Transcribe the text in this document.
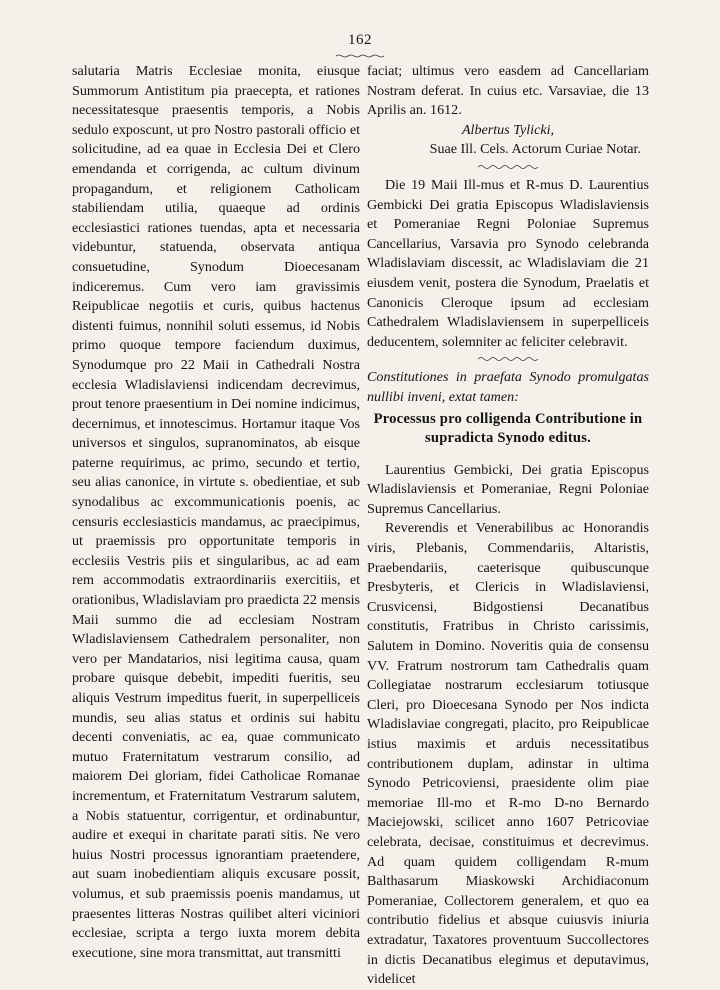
162

salutaria Matris Ecclesiae monita, eiusque Summorum Antistitum pia praecepta, et rationes necessitatesque praesentis temporis, a Nobis sedulo exposcunt, ut pro Nostro pastorali officio et solicitudine, ad ea quae in Ecclesia Dei et Clero emendanda et corrigenda, ac cultum divinum propagandum, et religionem Catholicam stabiliendam utilia, quaeque ad ordinis ecclesiastici rationes tuendas, apta et necessaria videbuntur, statuenda, observata antiqua consuetudine, Synodum Dioecesanam indiceremus. Cum vero iam gravissimis Reipublicae negotiis et curis, quibus hactenus distenti fuimus, nonnihil soluti essemus, id Nobis primo quoque tempore faciendum duximus, Synodumque pro 22 Maii in Cathedrali Nostra ecclesia Wladislaviensi indicendam decrevimus, prout tenore praesentium in Dei nomine indicimus, decernimus, et innotescimus. Hortamur itaque Vos universos et singulos, supranominatos, ab eisque paterne requirimus, ac primo, secundo et tertio, seu alias canonice, in virtute s. obedientiae, et sub synodalibus ac excommunicationis poenis, ac censuris ecclesiasticis mandamus, ac praecipimus, ut praemissis pro opportunitate temporis in ecclesiis Vestris piis et singularibus, ac ad eam rem accommodatis extraordinariis exercitiis, et orationibus, Wladislaviam pro praedicta 22 mensis Maii summo die ad ecclesiam Nostram Wladislaviensem Cathedralem personaliter, non vero per Mandatarios, nisi legitima causa, quam probare quisque debebit, impediti fueritis, seu aliquis Vestrum impeditus fuerit, in superpelliceis mundis, seu alias status et ordinis sui habitu decenti conveniatis, ac ea, quae communicato mutuo Fraternitatum vestrarum consilio, ad maiorem Dei gloriam, fidei Catholicae Romanae incrementum, et Fraternitatum Vestrarum salutem, a Nobis statuentur, corrigentur, et ordinabuntur, audire et exequi in charitate parati sitis. Ne vero huius Nostri processus ignorantiam praetendere, aut suam inobedientiam aliquis excusare possit, volumus, et sub praemissis poenis mandamus, ut praesentes litteras Nostras quilibet alteri viciniori ecclesiae, scripta a tergo iuxta morem debita executione, sine mora transmittat, aut transmitti

faciat; ultimus vero easdem ad Cancellariam Nostram deferat. In cuius etc. Varsaviae, die 13 Aprilis an. 1612.

Albertus Tylicki,

Suae Ill. Cels. Actorum Curiae Notar.

Die 19 Maii Ill-mus et R-mus D. Laurentius Gembicki Dei gratia Episcopus Wladislaviensis et Pomeraniae Regni Poloniae Supremus Cancellarius, Varsavia pro Synodo celebranda Wladislaviam discessit, ac Wladislaviam die 21 eiusdem venit, postera die Synodum, Praelatis et Canonicis Cleroque ipsum ad ecclesiam Cathedralem Wladislaviensem in superpelliceis deducentem, solemniter ac feliciter celebravit.

Constitutiones in praefata Synodo promulgatas nullibi inveni, extat tamen:

Processus pro colligenda Contributione in supradicta Synodo editus.

Laurentius Gembicki, Dei gratia Episcopus Wladislaviensis et Pomeraniae, Regni Poloniae Supremus Cancellarius.

Reverendis et Venerabilibus ac Honorandis viris, Plebanis, Commendariis, Altaristis, Praebendariis, caeterisque quibuscunque Presbyteris, et Clericis in Wladislaviensi, Crusvicensi, Bidgostiensi Decanatibus constitutis, Fratribus in Christo carissimis, Salutem in Domino. Noveritis quia de consensu VV. Fratrum nostrorum tam Cathedralis quam Collegiatae nostrarum ecclesiarum totiusque Cleri, pro Dioecesana Synodo per Nos indicta Wladislaviae congregati, placito, pro Reipublicae istius maximis et arduis necessitatibus contributionem duplam, adinstar in ultima Synodo Petricoviensi, praesidente olim piae memoriae Ill-mo et R-mo D-no Bernardo Maciejowski, scilicet anno 1607 Petricoviae celebrata, decisae, constituimus et decrevimus. Ad quam quidem colligendam R-mum Balthasarum Miaskowski Archidiaconum Pomeraniae, Collectorem generalem, et quo ea contributio fidelius et absque cuiusvis iniuria extradatur, Taxatores proventuum Succollectores in dictis Decanatibus elegimus et deputavimus, videlicet
